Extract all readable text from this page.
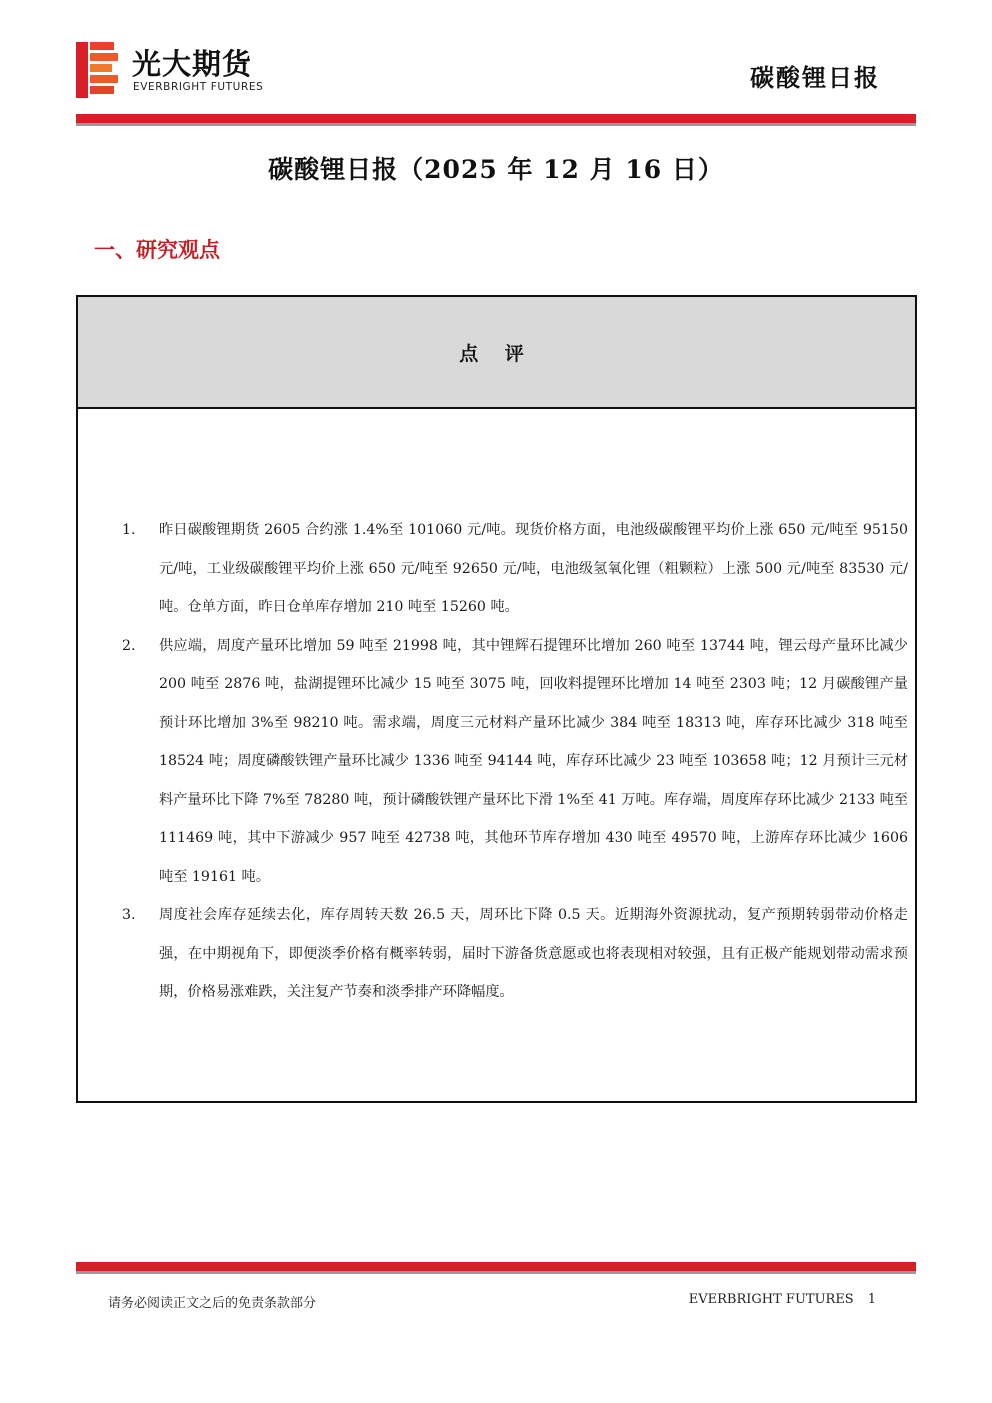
光大期货
EVERBRIGHT FUTURES	碳酸锂日报
碳酸锂日报（2025 年 12 月 16 日）
一、研究观点
点 评
1. 昨日碳酸锂期货 2605 合约涨 1.4%至 101060 元/吨。现货价格方面，电池级碳酸锂平均价上涨 650 元/吨至 95150 元/吨，工业级碳酸锂平均价上涨 650 元/吨至 92650 元/吨，电池级氢氧化锂（粗颗粒）上涨 500 元/吨至 83530 元/吨。仓单方面，昨日仓单库存增加 210 吨至 15260 吨。
2. 供应端，周度产量环比增加 59 吨至 21998 吨，其中锂辉石提锂环比增加 260 吨至 13744 吨，锂云母产量环比减少 200 吨至 2876 吨，盐湖提锂环比减少 15 吨至 3075 吨，回收料提锂环比增加 14 吨至 2303 吨；12 月碳酸锂产量预计环比增加 3%至 98210 吨。需求端，周度三元材料产量环比减少 384 吨至 18313 吨，库存环比减少 318 吨至 18524 吨；周度磷酸铁锂产量环比减少 1336 吨至 94144 吨，库存环比减少 23 吨至 103658 吨；12 月预计三元材料产量环比下降 7%至 78280 吨，预计磷酸铁锂产量环比下滑 1%至 41 万吨。库存端，周度库存环比减少 2133 吨至 111469 吨，其中下游减少 957 吨至 42738 吨，其他环节库存增加 430 吨至 49570 吨，上游库存环比减少 1606 吨至 19161 吨。
3. 周度社会库存延续去化，库存周转天数 26.5 天，周环比下降 0.5 天。近期海外资源扰动，复产预期转弱带动价格走强，在中期视角下，即便淡季价格有概率转弱，届时下游备货意愿或也将表现相对较强，且有正极产能规划带动需求预期，价格易涨难跌，关注复产节奏和淡季排产环降幅度。
请务必阅读正文之后的免责条款部分	EVERBRIGHT FUTURES 1
